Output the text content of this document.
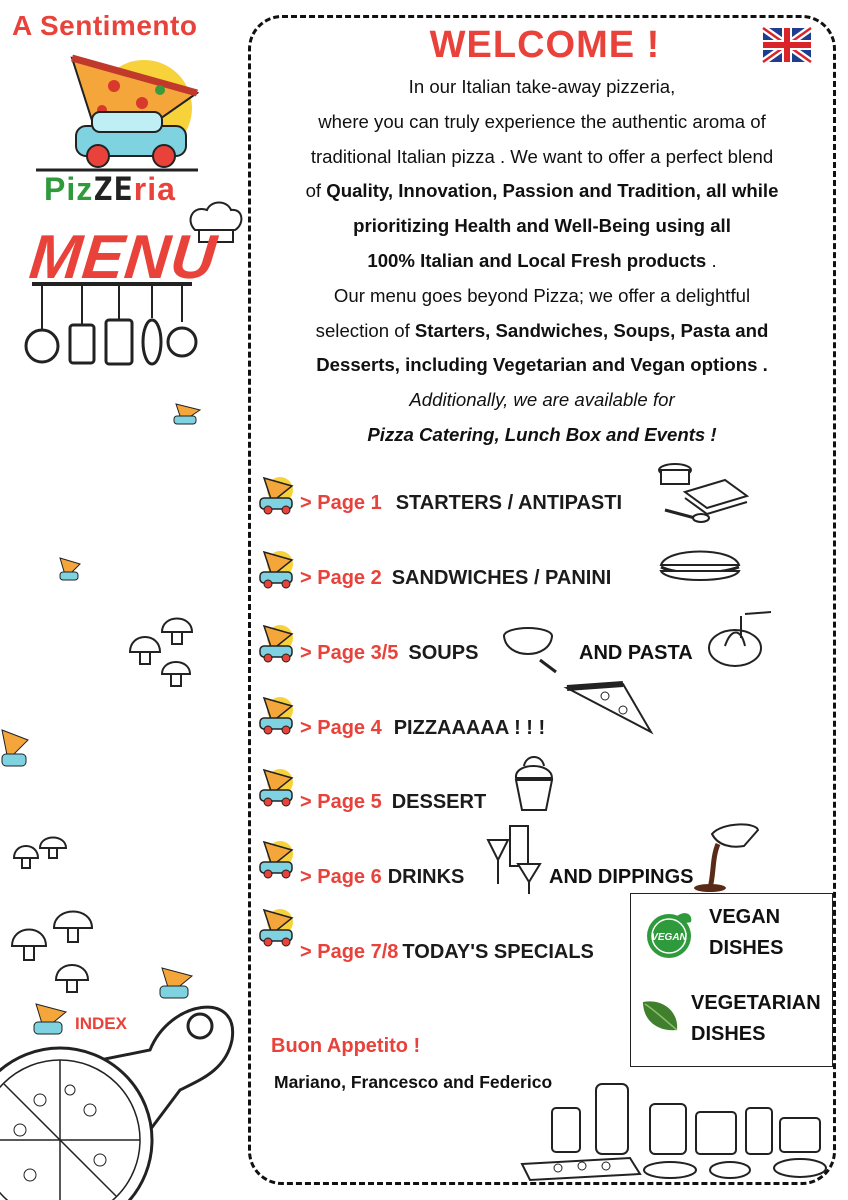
A Sentimento
PizZEria
MENU
INDEX
WELCOME !

In our Italian take-away pizzeria,

where you can truly experience the authentic aroma of

traditional Italian pizza . We want to offer a perfect blend

of Quality, Innovation, Passion and Tradition, all while

prioritizing Health and Well-Being using all

100% Italian and Local Fresh products .

Our menu goes beyond Pizza; we offer a delightful

selection of Starters, Sandwiches, Soups, Pasta and

Desserts, including Vegetarian and Vegan options .

Additionally, we are available for

Pizza Catering, Lunch Box and Events !

> Page 1 STARTERS / ANTIPASTI
> Page 2 SANDWICHES / PANINI
> Page 3/5 SOUPS	AND PASTA
> Page 4 PIZZAAAAA ! ! !
> Page 5 DESSERT
> Page 6 DRINKS	AND DIPPINGS
> Page 7/8 TODAY'S SPECIALS
VEGAN
VEGAN
DISHES
VEGETARIAN
DISHES
Buon Appetito !
Mariano, Francesco and Federico
